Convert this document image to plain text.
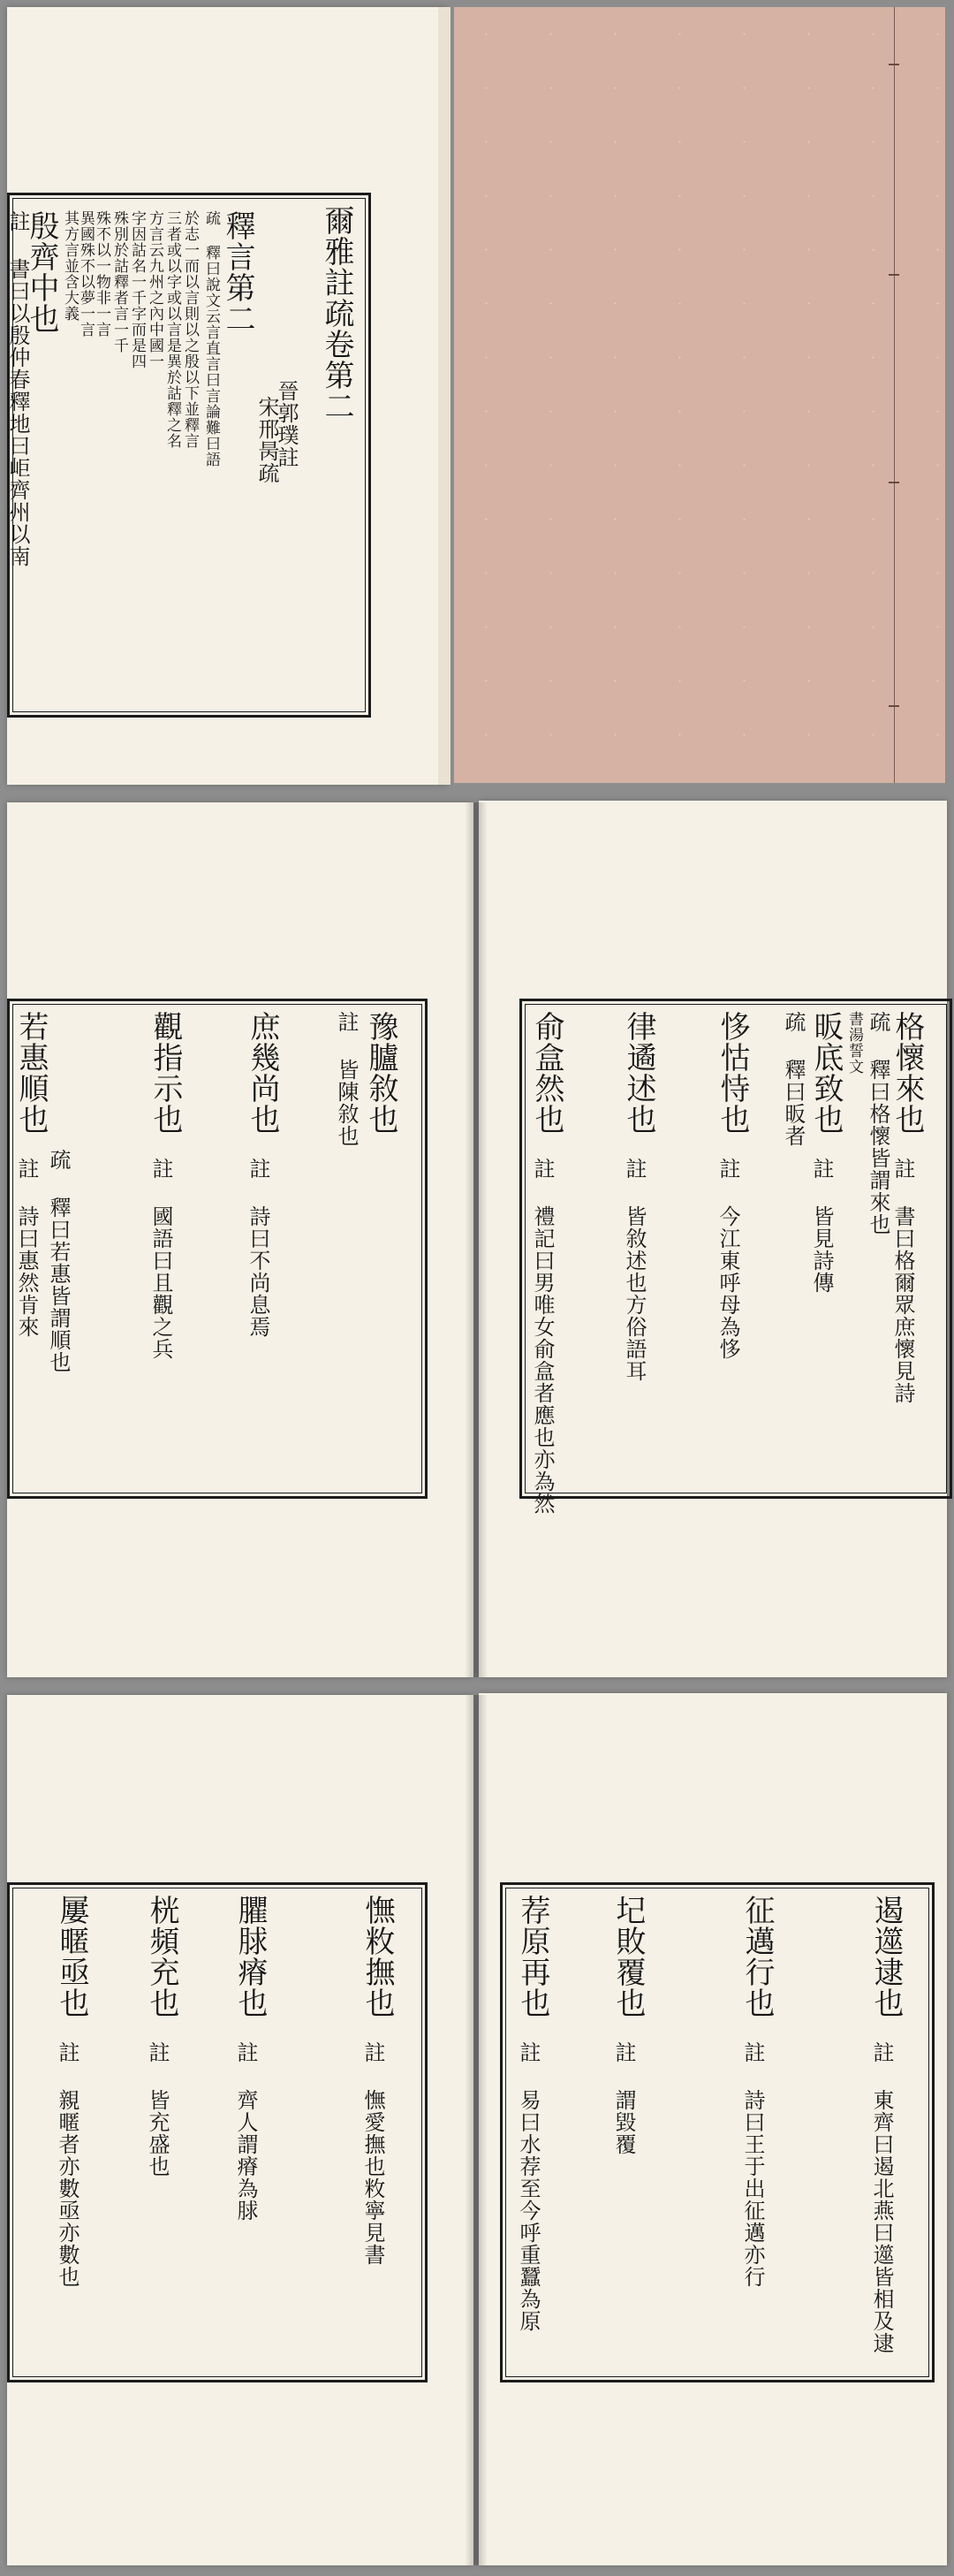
爾雅註疏卷第二
晉郭璞註
宋邢昺疏
釋言第二
疏 釋曰說文云言直言曰言論難曰語
於志一而以言則以之殷以下並釋言
三者或以字或以言是異於詁釋之名
方言云九州之內中國一
字因詁名一千字而是四
殊別於詁釋者言一千
殊不以一物非一言
異國殊不以夢一言
其方言並含大義
殷齊中也
註 書曰以殷仲春釋地曰岠齊州以南
格懷來也
註 書曰格爾眾庶懷見詩
疏 釋曰格懷皆謂來也
書湯誓文
昄底致也
註 皆見詩傳
疏 釋曰昄者
恀怙恃也
註 今江東呼母為恀
律遹述也
註 皆敘述也方俗語耳
俞盒然也
註 禮記曰男唯女俞盒者應也亦為然
豫臚敘也
註 皆陳敘也
庶幾尚也
註 詩曰不尚息焉
觀指示也
註 國語曰且觀之兵
若惠順也
註 詩曰惠然肯來 疏 釋曰若惠皆謂順也
遏遾逮也
註 東齊曰遏北燕曰遾皆相及逮
征邁行也
註 詩曰王于出征邁亦行
圮敗覆也
註 謂毀覆
荐原再也
註 易曰水荐至今呼重蠶為原
憮敉撫也
註 憮愛撫也敉寧見書
臞脙瘠也
註 齊人謂瘠為脙
桄頻充也
註 皆充盛也
屢暱亟也
註 親暱者亦數亟亦數也
